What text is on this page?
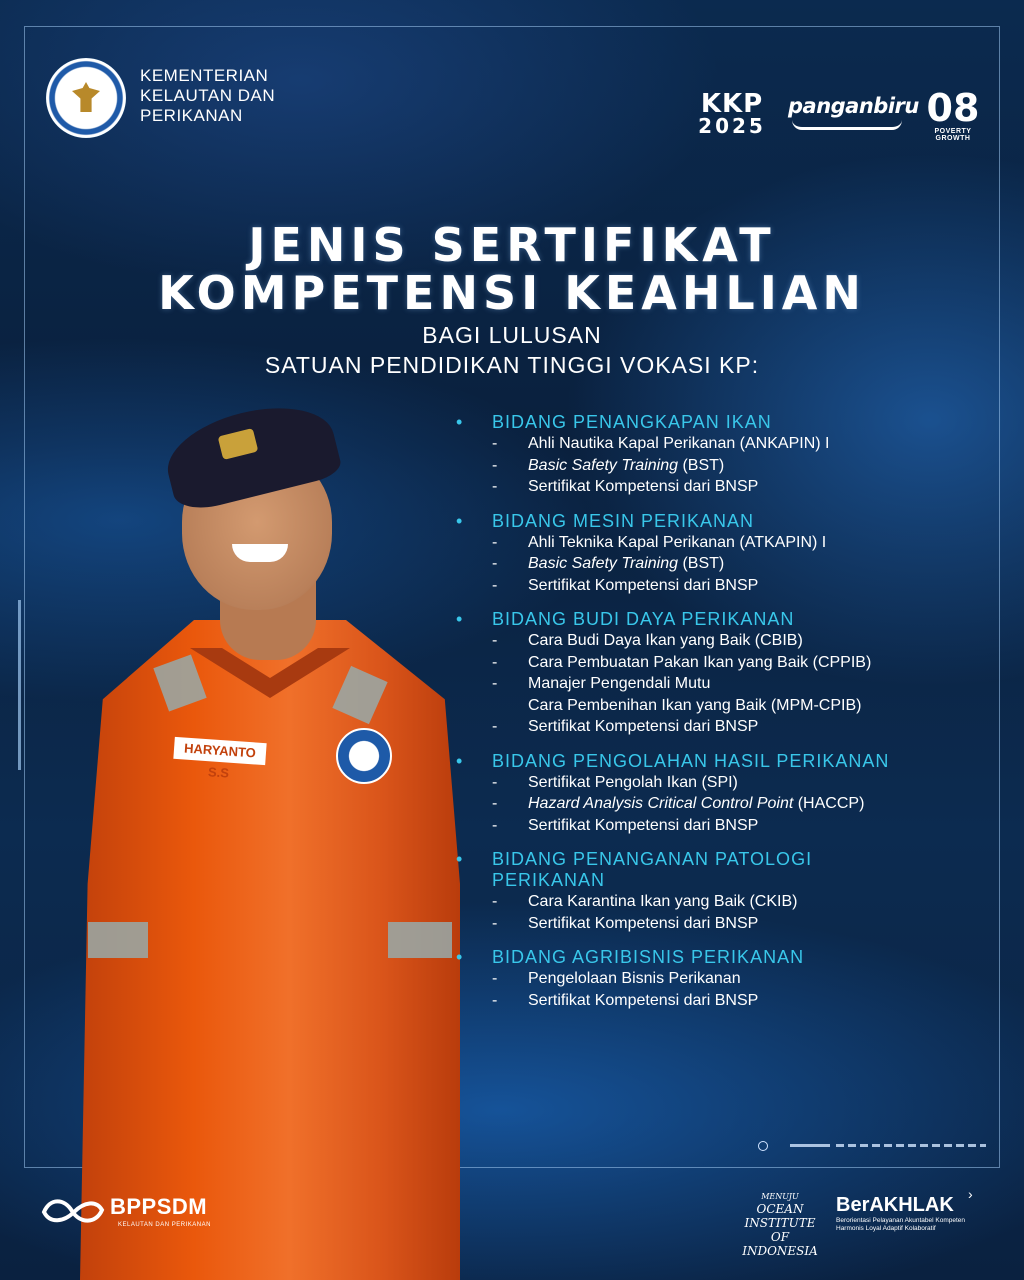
KEMENTERIAN
KELAUTAN DAN
PERIKANAN	KKP
2025
panganbiru 08
POVERTY GROWTH
JENIS SERTIFIKAT
KOMPETENSI KEAHLIAN
BAGI LULUSAN
SATUAN PENDIDIKAN TINGGI VOKASI KP:
HARYANTO S.S
• BIDANG PENANGKAPAN IKAN
- Ahli Nautika Kapal Perikanan (ANKAPIN) I
- Basic Safety Training (BST)
- Sertifikat Kompetensi dari BNSP
• BIDANG MESIN PERIKANAN
- Ahli Teknika Kapal Perikanan (ATKAPIN) I
- Basic Safety Training (BST)
- Sertifikat Kompetensi dari BNSP
• BIDANG BUDI DAYA PERIKANAN
- Cara Budi Daya Ikan yang Baik (CBIB)
- Cara Pembuatan Pakan Ikan yang Baik (CPPIB)
- Manajer Pengendali Mutu
Cara Pembenihan Ikan yang Baik (MPM-CPIB)
- Sertifikat Kompetensi dari BNSP
• BIDANG PENGOLAHAN HASIL PERIKANAN
- Sertifikat Pengolah Ikan (SPI)
- Hazard Analysis Critical Control Point (HACCP)
- Sertifikat Kompetensi dari BNSP
• BIDANG PENANGANAN PATOLOGI
PERIKANAN
- Cara Karantina Ikan yang Baik (CKIB)
- Sertifikat Kompetensi dari BNSP
• BIDANG AGRIBISNIS PERIKANAN
- Pengelolaan Bisnis Perikanan
- Sertifikat Kompetensi dari BNSP
BPPSDM
KELAUTAN DAN PERIKANAN
MENUJU
OCEAN INSTITUTE
OF INDONESIA
BerAKHLAK
Berorientasi Pelayanan Akuntabel Kompeten
Harmonis Loyal Adaptif Kolaboratif
›
